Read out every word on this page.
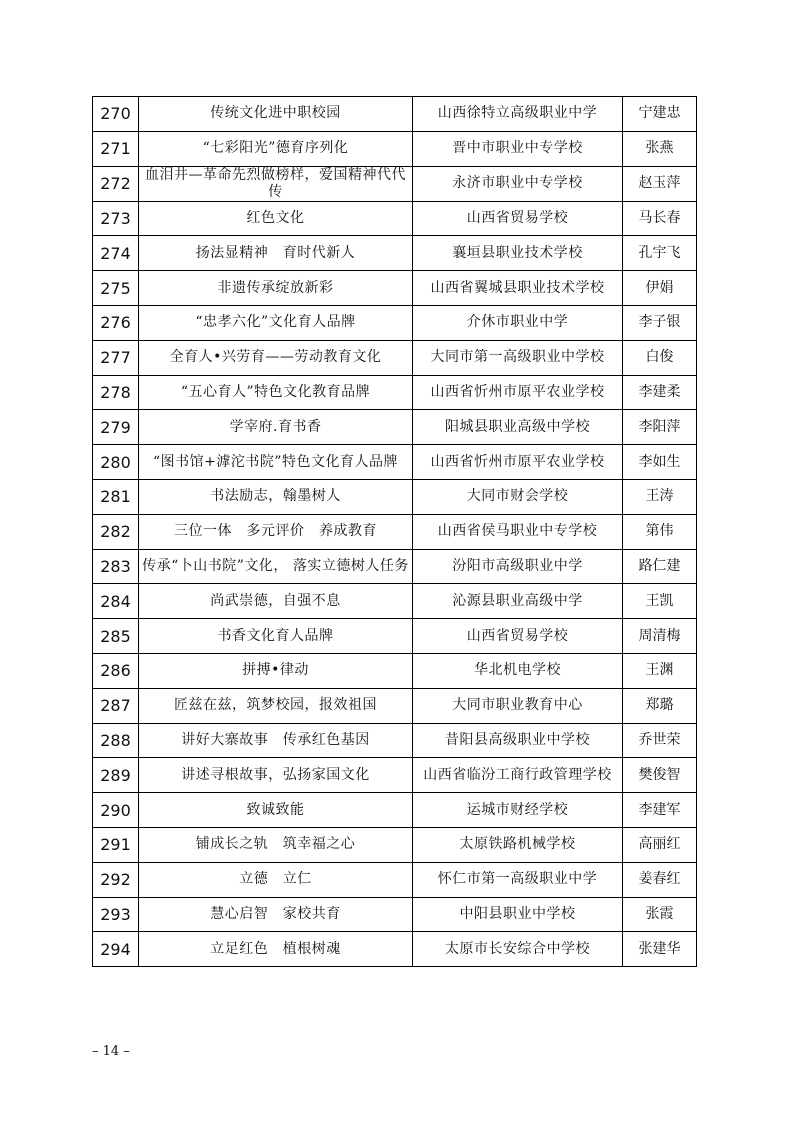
270	传统文化进中职校园	山西徐特立高级职业中学	宁建忠
271	“七彩阳光”德育序列化	晋中市职业中专学校	张燕
272	血泪井—革命先烈做榜样，爱国精神代代传	永济市职业中专学校	赵玉萍
273	红色文化	山西省贸易学校	马长春
274	扬法显精神　育时代新人	襄垣县职业技术学校	孔宇飞
275	非遗传承绽放新彩	山西省翼城县职业技术学校	伊娟
276	“忠孝六化”文化育人品牌	介休市职业中学	李子银
277	全育人•兴劳育——劳动教育文化	大同市第一高级职业中学校	白俊
278	“五心育人”特色文化教育品牌	山西省忻州市原平农业学校	李建柔
279	学宰府.育书香	阳城县职业高级中学校	李阳萍
280	“图书馆+滹沱书院”特色文化育人品牌	山西省忻州市原平农业学校	李如生
281	书法励志，翰墨树人	大同市财会学校	王涛
282	三位一体　多元评价　养成教育	山西省侯马职业中专学校	第伟
283	传承“卜山书院”文化， 落实立德树人任务	汾阳市高级职业中学	路仁建
284	尚武崇德，自强不息	沁源县职业高级中学	王凯
285	书香文化育人品牌	山西省贸易学校	周清梅
286	拼搏•律动	华北机电学校	王渊
287	匠兹在兹，筑梦校园，报效祖国	大同市职业教育中心	郑璐
288	讲好大寨故事　传承红色基因	昔阳县高级职业中学校	乔世荣
289	讲述寻根故事，弘扬家国文化	山西省临汾工商行政管理学校	樊俊智
290	致诚致能	运城市财经学校	李建军
291	铺成长之轨　筑幸福之心	太原铁路机械学校	高丽红
292	立德　立仁	怀仁市第一高级职业中学	姜春红
293	慧心启智　家校共育	中阳县职业中学校	张霞
294	立足红色　植根树魂	太原市长安综合中学校	张建华
– 14 –
